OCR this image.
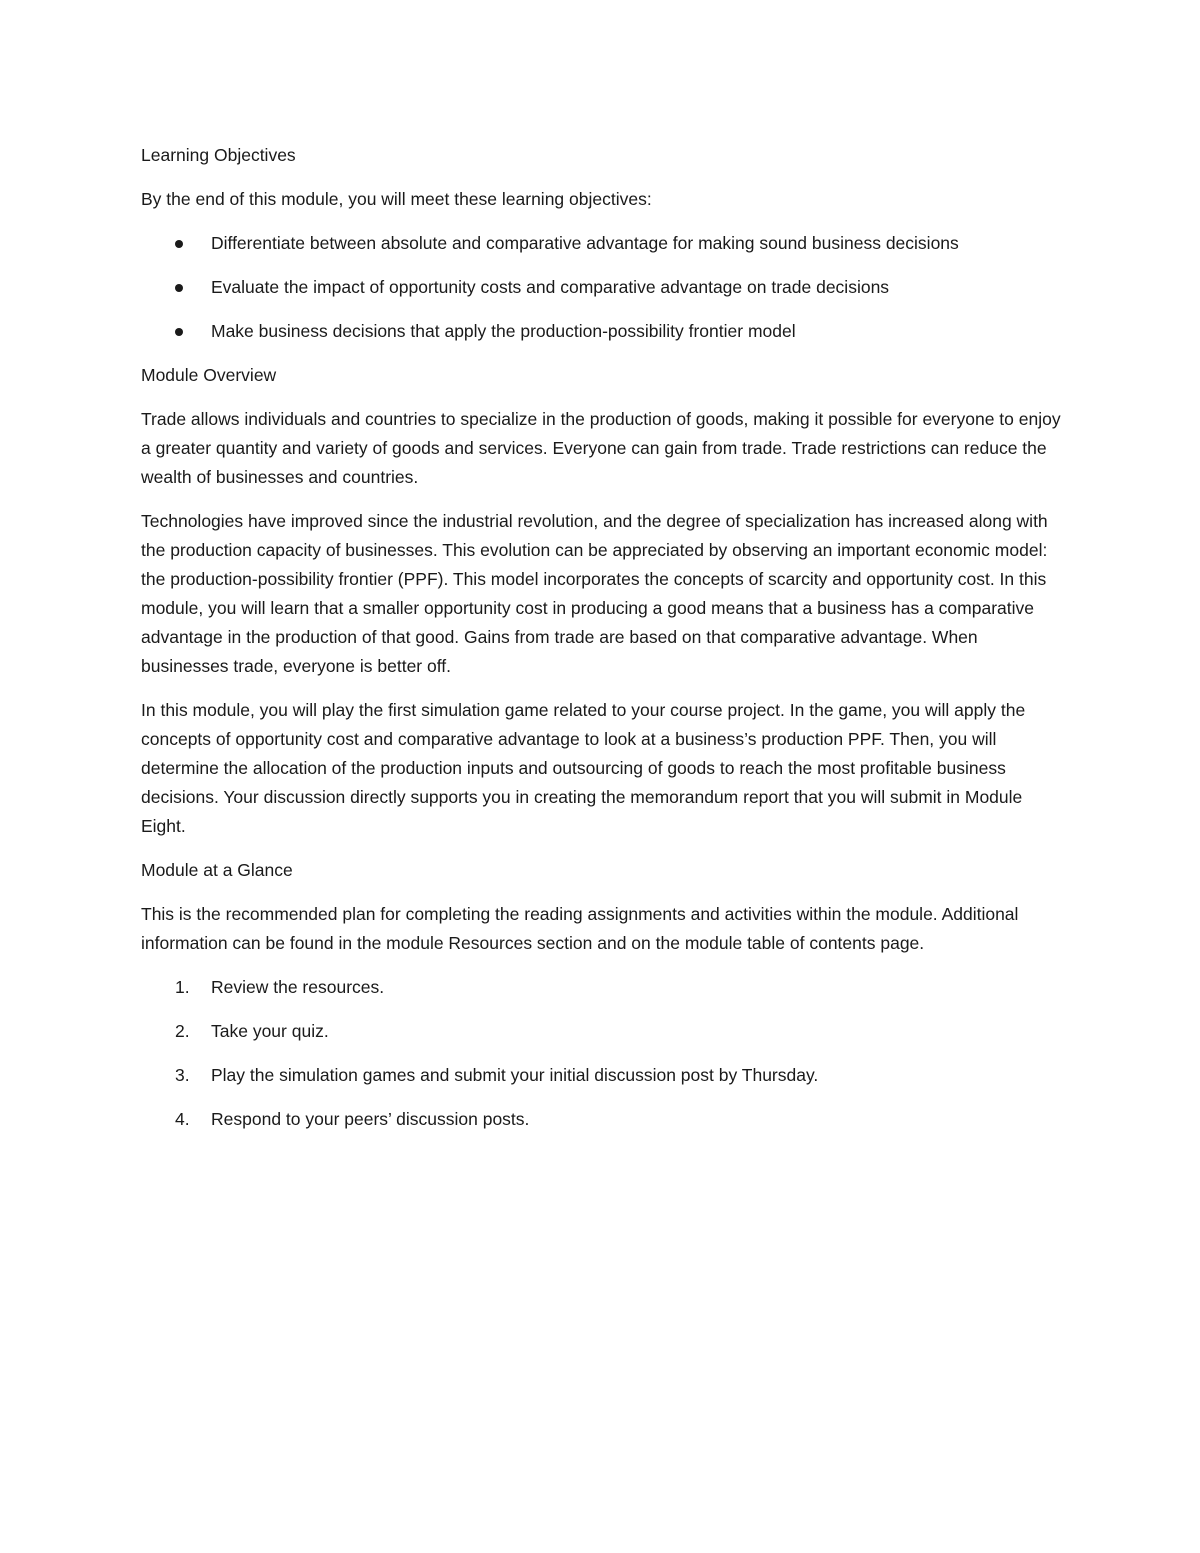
Learning Objectives
By the end of this module, you will meet these learning objectives:
Differentiate between absolute and comparative advantage for making sound business decisions
Evaluate the impact of opportunity costs and comparative advantage on trade decisions
Make business decisions that apply the production-possibility frontier model
Module Overview
Trade allows individuals and countries to specialize in the production of goods, making it possible for everyone to enjoy a greater quantity and variety of goods and services. Everyone can gain from trade. Trade restrictions can reduce the wealth of businesses and countries.
Technologies have improved since the industrial revolution, and the degree of specialization has increased along with the production capacity of businesses. This evolution can be appreciated by observing an important economic model: the production-possibility frontier (PPF). This model incorporates the concepts of scarcity and opportunity cost. In this module, you will learn that a smaller opportunity cost in producing a good means that a business has a comparative advantage in the production of that good. Gains from trade are based on that comparative advantage. When businesses trade, everyone is better off.
In this module, you will play the first simulation game related to your course project. In the game, you will apply the concepts of opportunity cost and comparative advantage to look at a business’s production PPF. Then, you will determine the allocation of the production inputs and outsourcing of goods to reach the most profitable business decisions. Your discussion directly supports you in creating the memorandum report that you will submit in Module Eight.
Module at a Glance
This is the recommended plan for completing the reading assignments and activities within the module. Additional information can be found in the module Resources section and on the module table of contents page.
1. Review the resources.
2. Take your quiz.
3. Play the simulation games and submit your initial discussion post by Thursday.
4. Respond to your peers’ discussion posts.
